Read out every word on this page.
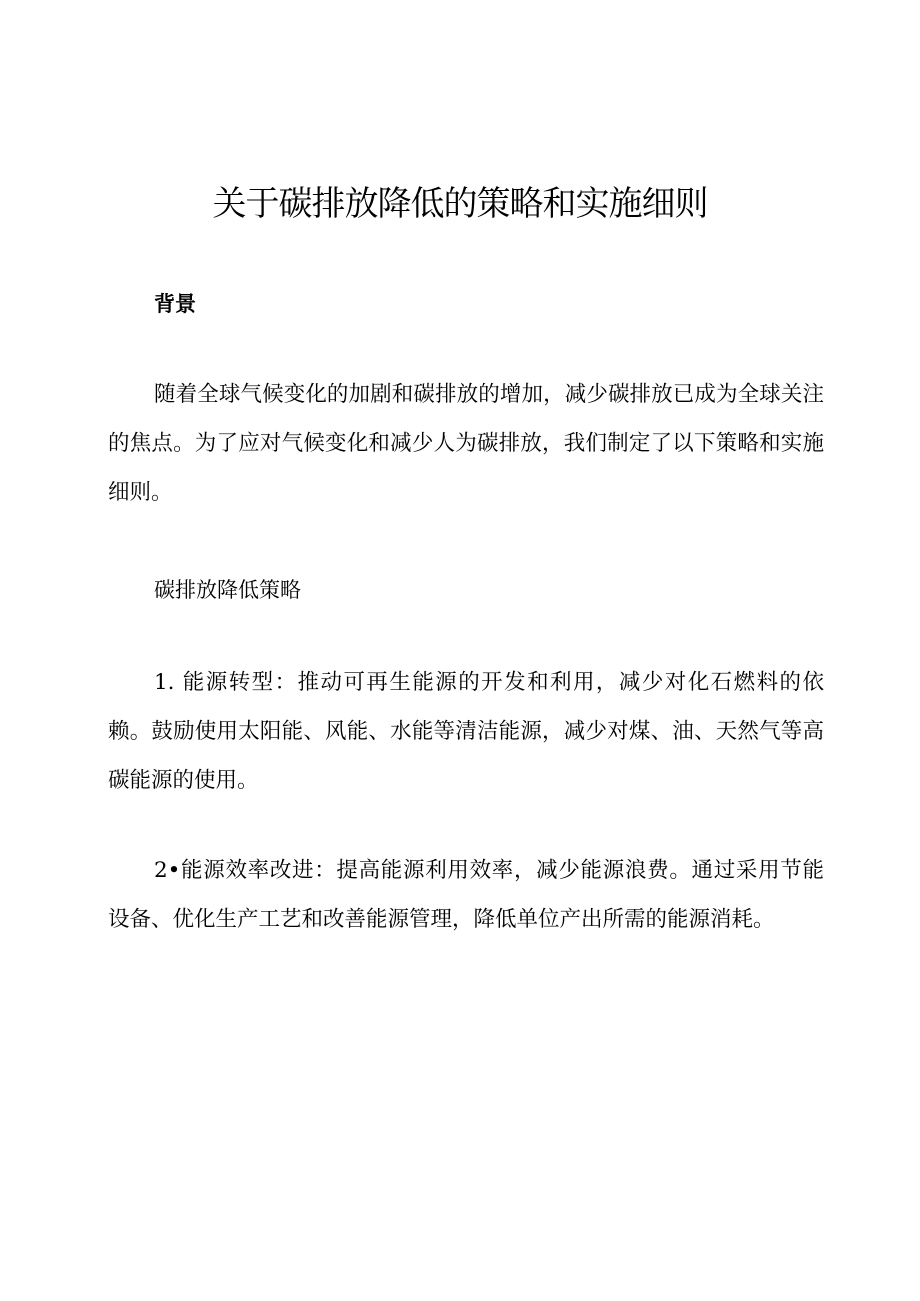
关于碳排放降低的策略和实施细则
背景

随着全球气候变化的加剧和碳排放的增加，减少碳排放已成为全球关注的焦点。为了应对气候变化和减少人为碳排放，我们制定了以下策略和实施细则。

碳排放降低策略

1. 能源转型：推动可再生能源的开发和利用，减少对化石燃料的依赖。鼓励使用太阳能、风能、水能等清洁能源，减少对煤、油、天然气等高碳能源的使用。

2•能源效率改进：提高能源利用效率，减少能源浪费。通过采用节能设备、优化生产工艺和改善能源管理，降低单位产出所需的能源消耗。
